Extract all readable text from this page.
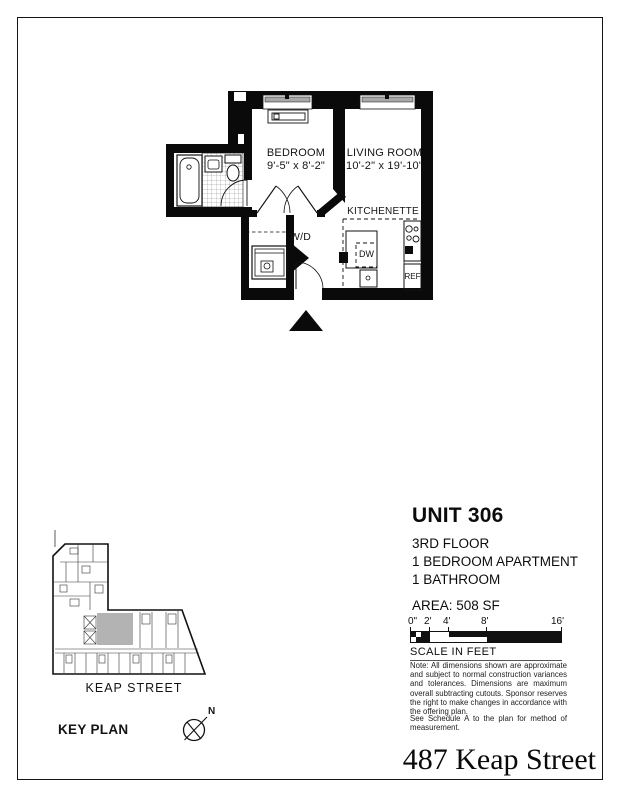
BEDROOM
9'-5" x 8'-2"
LIVING ROOM
10'-2" x 19'-10"
KITCHENETTE
W/D
DW
REF
KEAP STREET
KEY PLAN
N

UNIT 306

3RD FLOOR

1 BEDROOM APARTMENT

1 BATHROOM

AREA: 508 SF

0" 2' 4'	8'	16'
SCALE IN FEET
Note: All dimensions shown are approximate and subject to normal construction variances and tolerances. Dimensions are maximum overall subtracting cutouts. Sponsor reserves the right to make changes in accordance with the offering plan.
See Schedule A to the plan for method of measurement.
487 Keap Street
